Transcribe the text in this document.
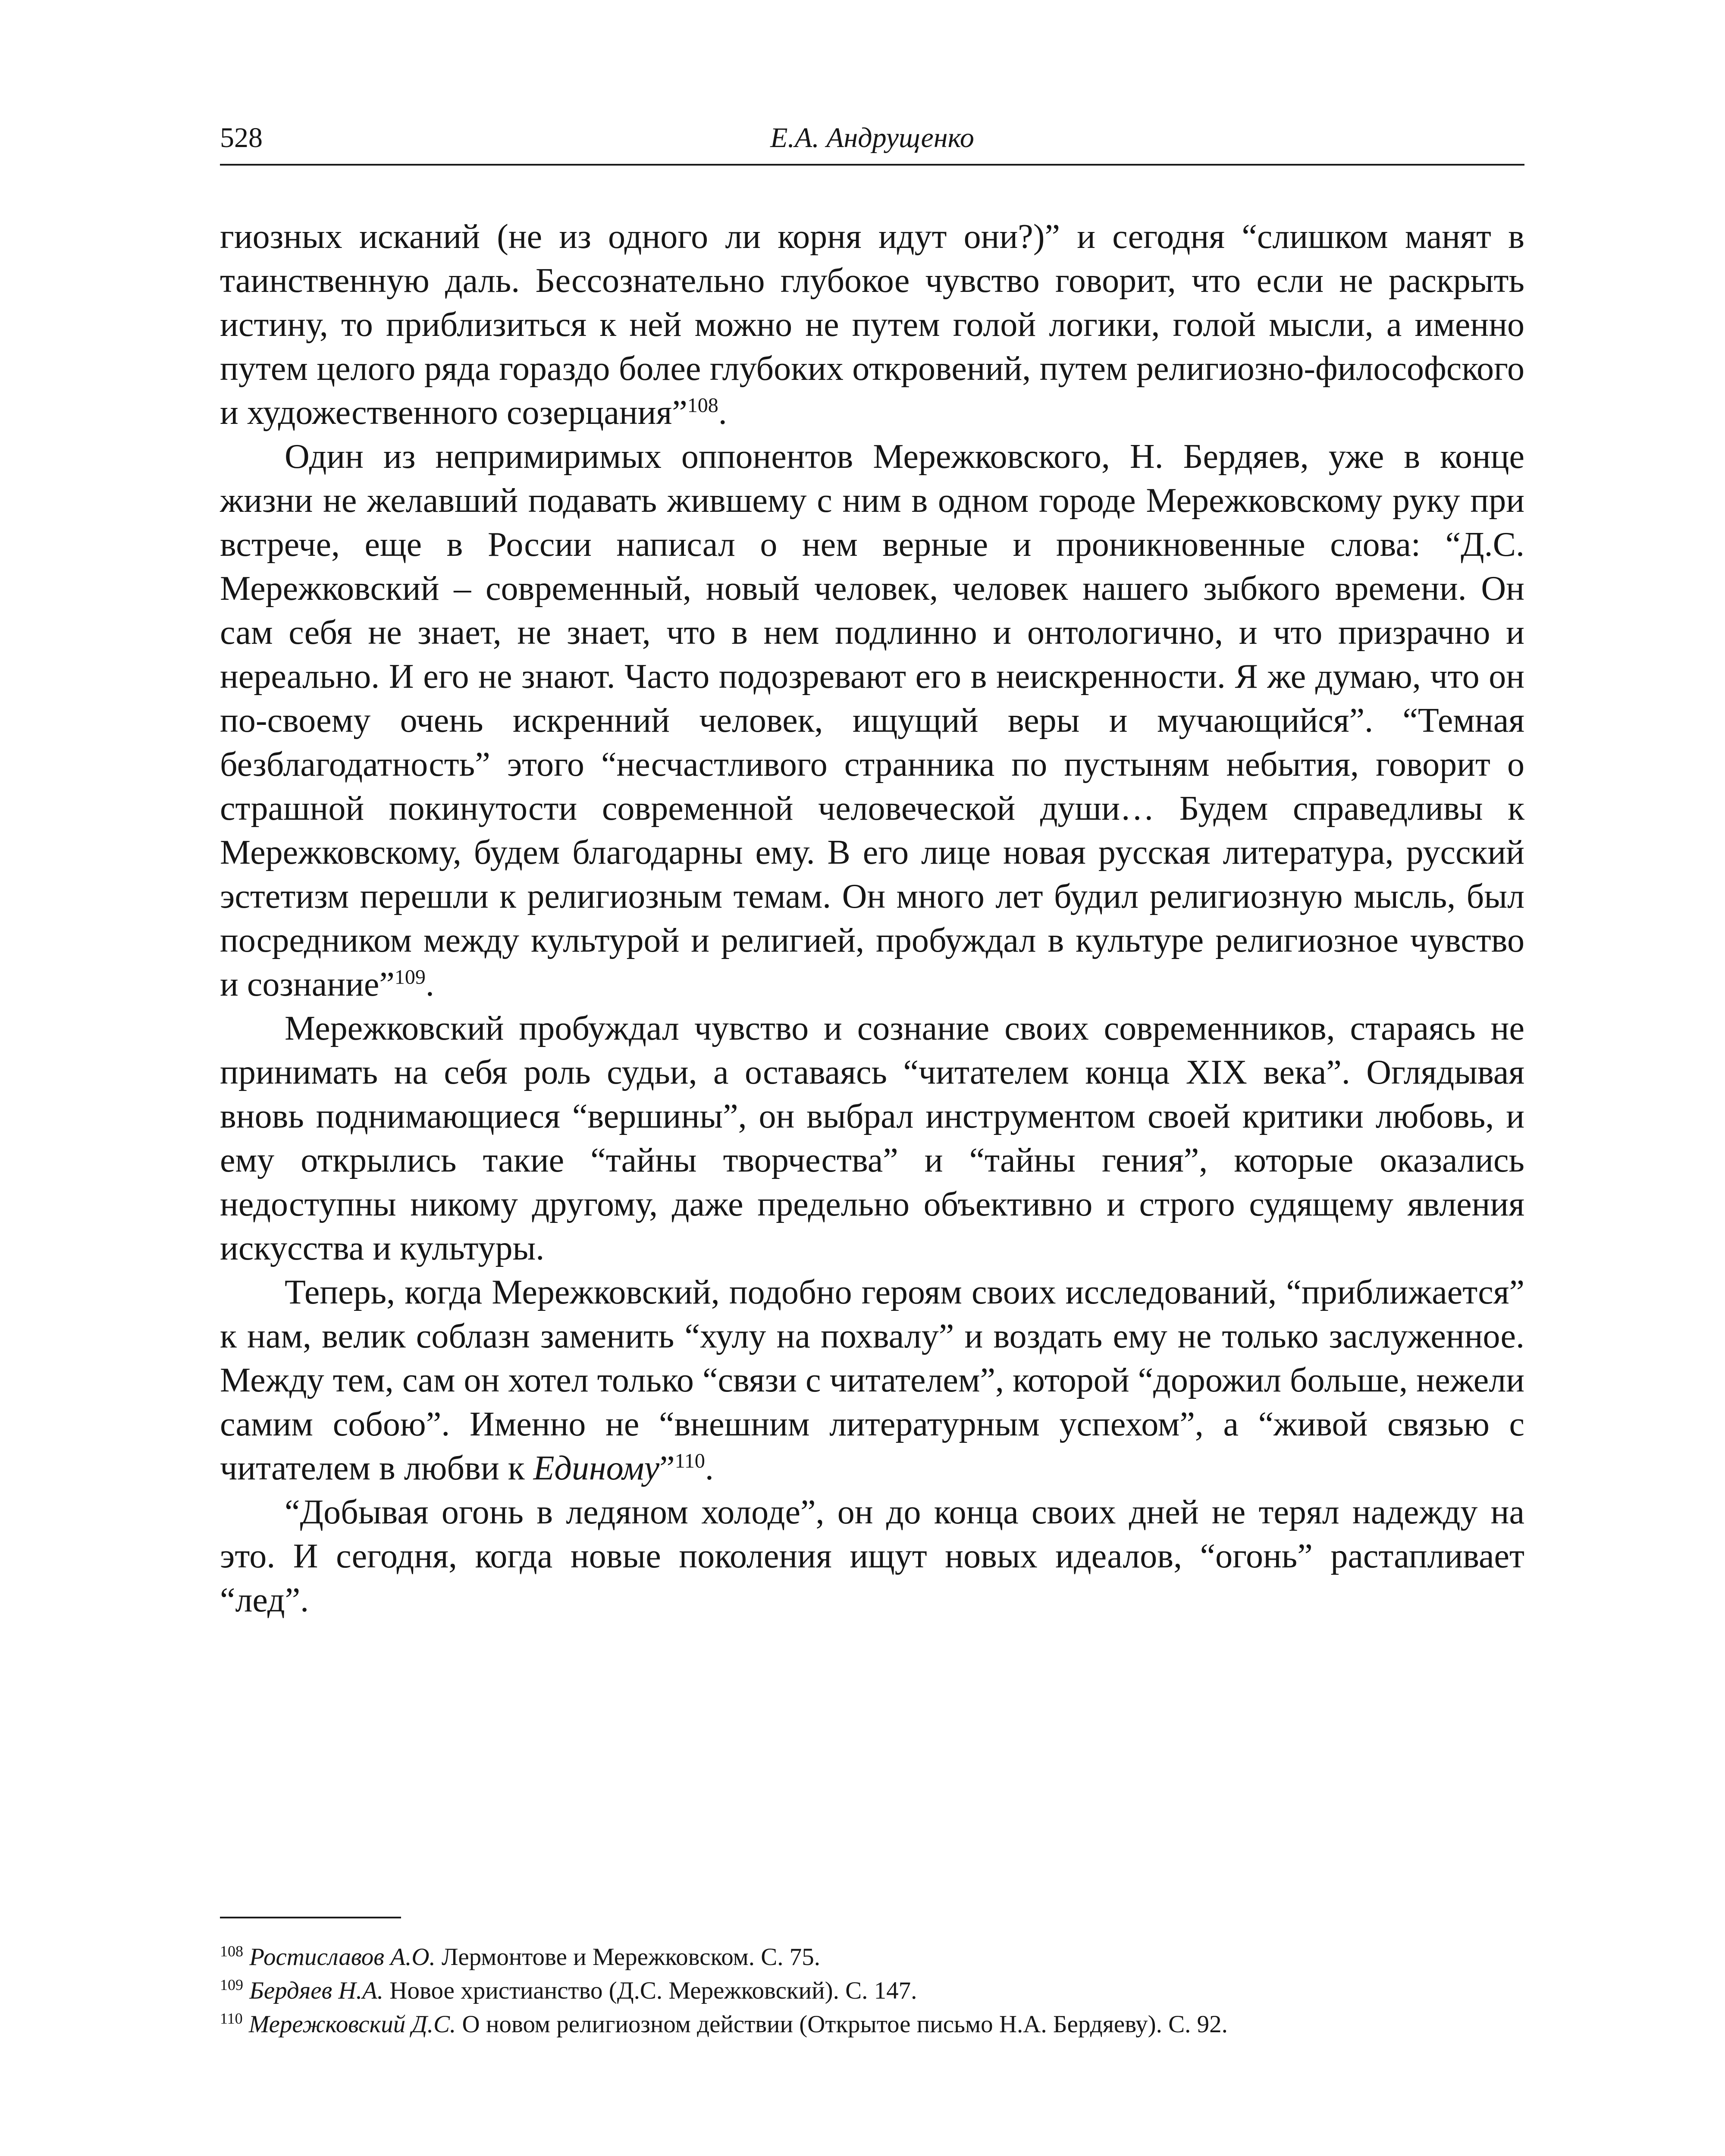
528	Е.А. Андрущенко

гиозных исканий (не из одного ли корня идут они?)” и сегодня “слишком манят в таинственную даль. Бессознательно глубокое чувство говорит, что если не раскрыть истину, то приблизиться к ней можно не путем голой логики, голой мысли, а именно путем целого ряда гораздо более глубоких откровений, путем религиозно-философского и художественного созерцания”$^{108}$.

Один из непримиримых оппонентов Мережковского, Н. Бердяев, уже в конце жизни не желавший подавать жившему с ним в одном городе Мережковскому руку при встрече, еще в России написал о нем верные и проникновенные слова: “Д.С. Мережковский – современный, новый человек, человек нашего зыбкого времени. Он сам себя не знает, не знает, что в нем подлинно и онтологично, и что призрачно и нереально. И его не знают. Часто подозревают его в неискренности. Я же думаю, что он по-своему очень искренний человек, ищущий веры и мучающийся”. “Темная безблагодатность” этого “несчастливого странника по пустыням небытия, говорит о страшной покинутости современной человеческой души… Будем справедливы к Мережковскому, будем благодарны ему. В его лице новая русская литература, русский эстетизм перешли к религиозным темам. Он много лет будил религиозную мысль, был посредником между культурой и религией, пробуждал в культуре религиозное чувство и сознание”$^{109}$.

Мережковский пробуждал чувство и сознание своих современников, стараясь не принимать на себя роль судьи, а оставаясь “читателем конца XIX века”. Оглядывая вновь поднимающиеся “вершины”, он выбрал инструментом своей критики любовь, и ему открылись такие “тайны творчества” и “тайны гения”, которые оказались недоступны никому другому, даже предельно объективно и строго судящему явления искусства и культуры.

Теперь, когда Мережковский, подобно героям своих исследований, “приближается” к нам, велик соблазн заменить “хулу на похвалу” и воздать ему не только заслуженное. Между тем, сам он хотел только “связи с читателем”, которой “дорожил больше, нежели самим собою”. Именно не “внешним литературным успехом”, а “живой связью с читателем в любви к Единому”$^{110}$.

“Добывая огонь в ледяном холоде”, он до конца своих дней не терял надежду на это. И сегодня, когда новые поколения ищут новых идеалов, “огонь” растапливает “лед”.

$^{108}$ Ростиславов А.О. Лермонтове и Мережковском. С. 75.
$^{109}$ Бердяев Н.А. Новое христианство (Д.С. Мережковский). С. 147.
$^{110}$ Мережковский Д.С. О новом религиозном действии (Открытое письмо Н.А. Бердяеву). С. 92.
